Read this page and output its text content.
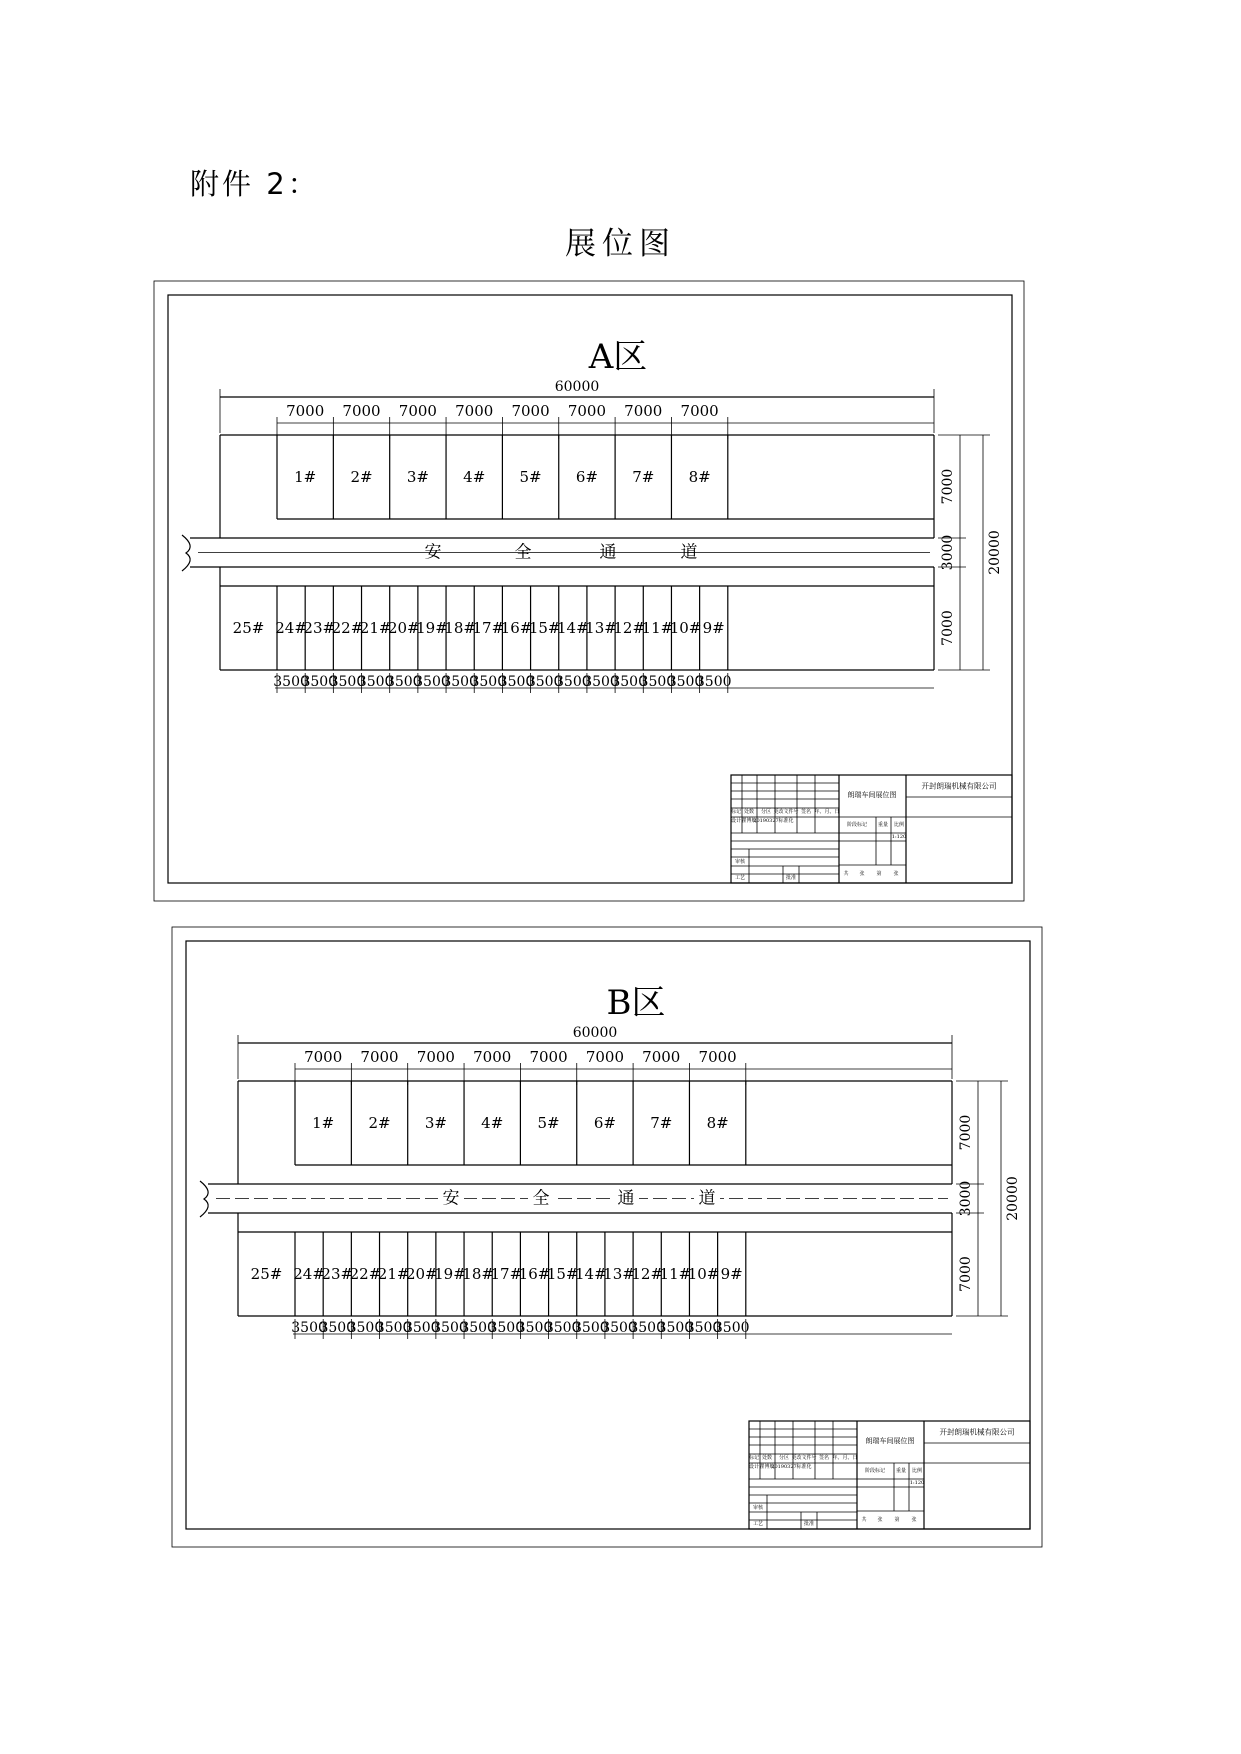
附件 2：
展位图
A区
60000
7000 7000 7000 7000 7000 7000 7000 7000
1# 2# 3# 4# 5# 6# 7# 8#
安	全	通	道
25# 24#
23#
22#
21#
20#
19#
18#
17#
16#
15#
14#
13#
12#
11#
10# 9#
3500
3500
3500
3500
3500
3500
3500
3500
3500
3500
3500
3500
3500
3500
3500
3500
7000
3000
7000
20000
标记 处数 分区 更改文件号 签名 年、月、日
设计 瞿博航
20190327 标准化
审核
工艺	批准
朗瑞车间展位图
阶段标记 重量 比例
1:120
共 张 第 张
开封朗瑞机械有限公司
B区
60000
7000 7000 7000 7000 7000 7000 7000 7000
1# 2# 3# 4# 5# 6# 7# 8#
安	全	通	道
25# 24#
23#
22#
21#
20#
19#
18#
17#
16#
15#
14#
13#
12#
11#
10# 9#
3500
3500
3500
3500
3500
3500
3500
3500
3500
3500
3500
3500
3500
3500
3500
3500
7000
3000
7000
20000
标记 处数 分区 更改文件号 签名 年、月、日
设计 瞿博航
20190327 标准化
审核
工艺	批准
朗瑞车间展位图
阶段标记 重量 比例
1:120
共 张 第 张
开封朗瑞机械有限公司
